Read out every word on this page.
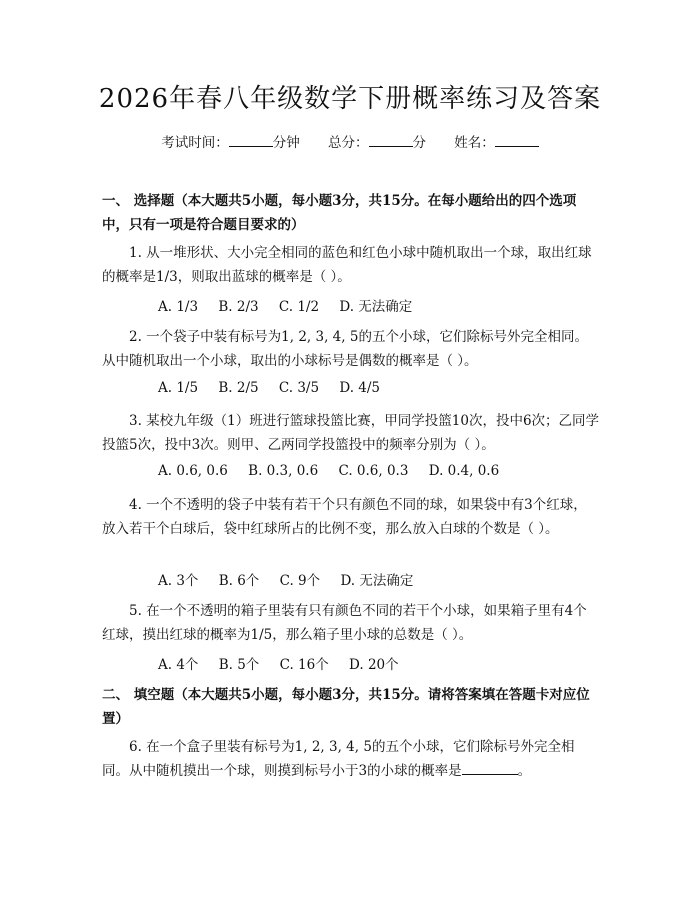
2026年春八年级数学下册概率练习及答案
考试时间：	分钟 总分：	分 姓名：
一、 选择题（本大题共5小题，每小题3分，共15分。在每小题给出的四个选项中，只有一项是符合题目要求的）
1. 从一堆形状、大小完全相同的蓝色和红色小球中随机取出一个球，取出红球的概率是1/3，则取出蓝球的概率是（ ）。
A. 1/3 B. 2/3 C. 1/2 D. 无法确定
2. 一个袋子中装有标号为1, 2, 3, 4, 5的五个小球，它们除标号外完全相同。从中随机取出一个小球，取出的小球标号是偶数的概率是（ ）。
A. 1/5 B. 2/5 C. 3/5 D. 4/5
3. 某校九年级（1）班进行篮球投篮比赛，甲同学投篮10次，投中6次；乙同学投篮5次，投中3次。则甲、乙两同学投篮投中的频率分别为（ ）。
A. 0.6, 0.6 B. 0.3, 0.6 C. 0.6, 0.3 D. 0.4, 0.6
4. 一个不透明的袋子中装有若干个只有颜色不同的球，如果袋中有3个红球，放入若干个白球后，袋中红球所占的比例不变，那么放入白球的个数是（ ）。
A. 3个 B. 6个 C. 9个 D. 无法确定
5. 在一个不透明的箱子里装有只有颜色不同的若干个小球，如果箱子里有4个红球，摸出红球的概率为1/5，那么箱子里小球的总数是（ ）。
A. 4个 B. 5个 C. 16个 D. 20个
二、 填空题（本大题共5小题，每小题3分，共15分。请将答案填在答题卡对应位置）
6. 在一个盒子里装有标号为1, 2, 3, 4, 5的五个小球，它们除标号外完全相同。从中随机摸出一个球，则摸到标号小于3的小球的概率是	。
